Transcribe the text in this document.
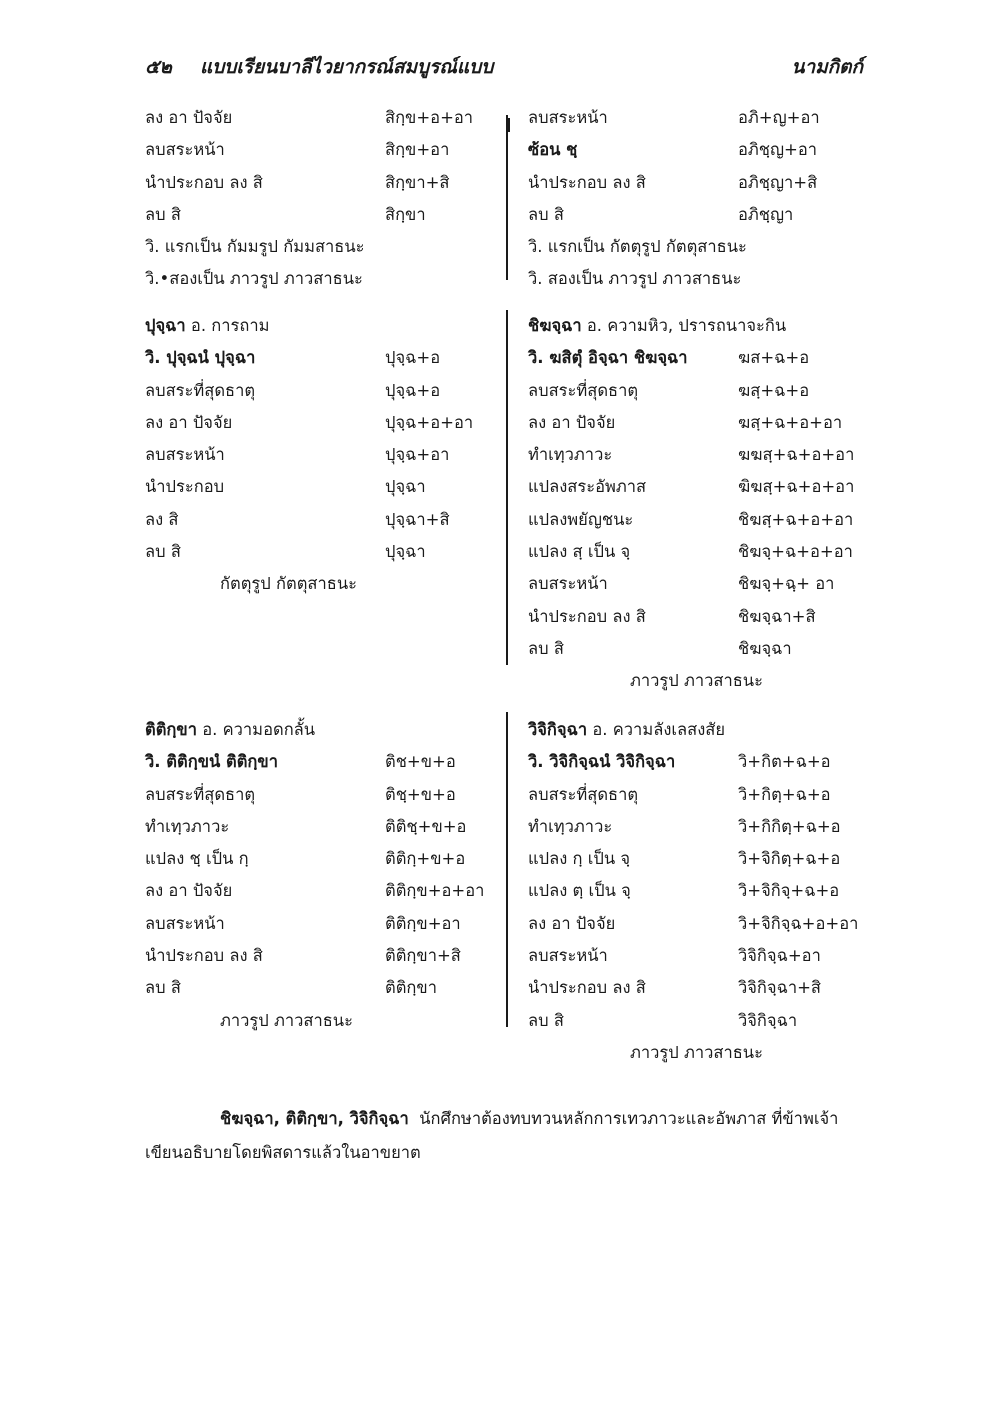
๕๒ แบบเรียนบาลีไวยากรณ์สมบูรณ์แบบ	นามกิตก์
ลง อา ปัจจัย	สิกฺข+อ+อา
ลบสระหน้า	สิกฺข+อา
นำประกอบ ลง สิ	สิกฺขา+สิ
ลบ สิ	สิกฺขา
วิ. แรกเป็น กัมมรูป กัมมสาธนะ
วิ.•สองเป็น ภาวรูป ภาวสาธนะ
ลบสระหน้า	อภิ+ญ+อา
ซ้อน ชฺ	อภิชฺญ+อา
นำประกอบ ลง สิ	อภิชฺญา+สิ
ลบ สิ	อภิชฺญา
วิ. แรกเป็น กัตตุรูป กัตตุสาธนะ
วิ. สองเป็น ภาวรูป ภาวสาธนะ
ปุจฺฉา อ. การถาม
วิ. ปุจฺฉนํ ปุจฺฉา	ปุจฺฉ+อ
ลบสระที่สุดธาตุ	ปุจฺฉ+อ
ลง อา ปัจจัย	ปุจฺฉ+อ+อา
ลบสระหน้า	ปุจฺฉ+อา
นำประกอบ	ปุจฺฉา
ลง สิ	ปุจฺฉา+สิ
ลบ สิ	ปุจฺฉา
กัตตุรูป กัตตุสาธนะ
ชิฆจฺฉา อ. ความหิว, ปรารถนาจะกิน
วิ. ฆสิตุํ อิจฺฉา ชิฆจฺฉา	ฆส+ฉ+อ
ลบสระที่สุดธาตุ	ฆสฺ+ฉ+อ
ลง อา ปัจจัย	ฆสฺ+ฉ+อ+อา
ทำเทฺวภาวะ	ฆฆสฺ+ฉ+อ+อา
แปลงสระอัพภาส	ฆิฆสฺ+ฉ+อ+อา
แปลงพยัญชนะ	ชิฆสฺ+ฉ+อ+อา
แปลง สฺ เป็น จฺ	ชิฆจฺ+ฉ+อ+อา
ลบสระหน้า	ชิฆจฺ+ฉฺ+ อา
นำประกอบ ลง สิ	ชิฆจฺฉา+สิ
ลบ สิ	ชิฆจฺฉา
ภาวรูป ภาวสาธนะ
ติติกฺขา อ. ความอดกลั้น
วิ. ติติกฺขนํ ติติกฺขา	ติช+ข+อ
ลบสระที่สุดธาตุ	ติชฺ+ข+อ
ทำเทฺวภาวะ	ติติชฺ+ข+อ
แปลง ชฺ เป็น กฺ	ติติกฺ+ข+อ
ลง อา ปัจจัย	ติติกฺข+อ+อา
ลบสระหน้า	ติติกฺข+อา
นำประกอบ ลง สิ	ติติกฺขา+สิ
ลบ สิ	ติติกฺขา
ภาวรูป ภาวสาธนะ
วิจิกิจฺฉา อ. ความลังเลสงสัย
วิ. วิจิกิจฺฉนํ วิจิกิจฺฉา	วิ+กิต+ฉ+อ
ลบสระที่สุดธาตุ	วิ+กิตฺ+ฉ+อ
ทำเทฺวภาวะ	วิ+กิกิตฺ+ฉ+อ
แปลง กฺ เป็น จฺ	วิ+จิกิตฺ+ฉ+อ
แปลง ตฺ เป็น จฺ	วิ+จิกิจฺ+ฉ+อ
ลง อา ปัจจัย	วิ+จิกิจฺฉ+อ+อา
ลบสระหน้า	วิจิกิจฺฉ+อา
นำประกอบ ลง สิ	วิจิกิจฺฉา+สิ
ลบ สิ	วิจิกิจฺฉา
ภาวรูป ภาวสาธนะ
ชิฆจฺฉา, ติติกฺขา, วิจิกิจฺฉา นักศึกษาต้องทบทวนหลักการเทวภาวะและอัพภาส ที่ข้าพเจ้าเขียนอธิบายโดยพิสดารแล้วในอาขยาต
